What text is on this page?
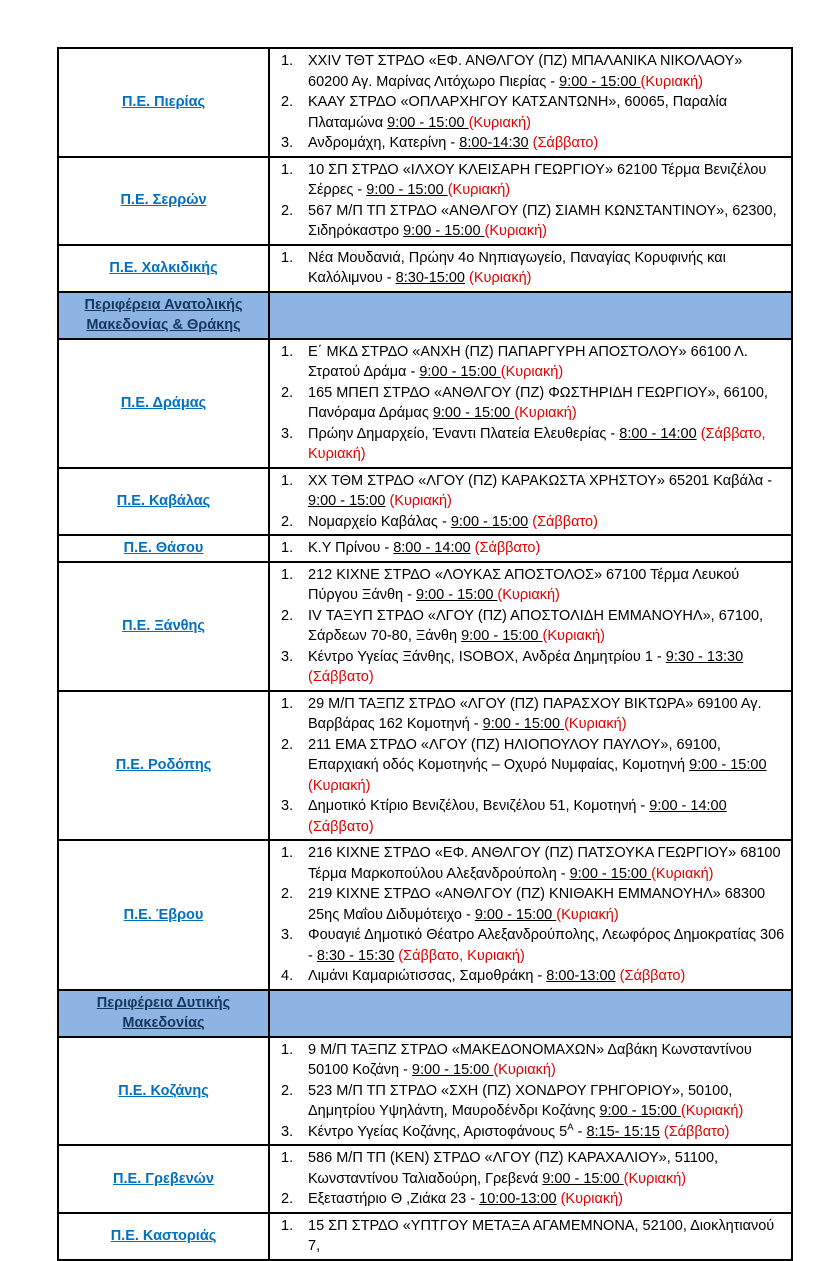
Π.Ε. Πιερίας	
1.	XXIV ΤΘΤ ΣΤΡΔΟ «ΕΦ. ΑΝΘΛΓΟΥ (ΠΖ) ΜΠΑΛΑΝΙΚΑ ΝΙΚΟΛΑΟΥ» 60200 Αγ. Μαρίνας Λιτόχωρο Πιερίας - 9:00 - 15:00 (Κυριακή)
2.	ΚΑΑΥ ΣΤΡΔΟ «ΟΠΛΑΡΧΗΓΟΥ ΚΑΤΣΑΝΤΩΝΗ», 60065, Παραλία Πλαταμώνα 9:00 - 15:00 (Κυριακή)
3.	Ανδρομάχη, Κατερίνη - 8:00-14:30 (Σάββατο)

Π.Ε. Σερρών	1. 10 ΣΠ ΣΤΡΔΟ «ΙΛΧΟΥ ΚΛΕΙΣΑΡΗ ΓΕΩΡΓΙΟΥ» 62100 Τέρμα Βενιζέλου Σέρρες - 9:00 - 15:00 (Κυριακή)
2. 567 Μ/Π ΤΠ ΣΤΡΔΟ «ΑΝΘΛΓΟΥ (ΠΖ) ΣΙΑΜΗ ΚΩΝΣΤΑΝΤΙΝΟΥ», 62300, Σιδηρόκαστρο 9:00 - 15:00 (Κυριακή)

Π.Ε. Χαλκιδικής	1. Νέα Μουδανιά, Πρώην 4ο Νηπιαγωγείο, Παναγίας Κορυφινής και Καλόλιμνου - 8:30-15:00 (Κυριακή)

Περιφέρεια Ανατολικής Μακεδονίας & Θράκης	
Π.Ε. Δράμας	
1.	Ε΄ ΜΚΔ ΣΤΡΔΟ «ΑΝΧΗ (ΠΖ) ΠΑΠΑΡΓΥΡΗ ΑΠΟΣΤΟΛΟΥ» 66100 Λ. Στρατού Δράμα - 9:00 - 15:00 (Κυριακή)
2.	165 ΜΠΕΠ ΣΤΡΔΟ «ΑΝΘΛΓΟΥ (ΠΖ) ΦΩΣΤΗΡΙΔΗ ΓΕΩΡΓΙΟΥ», 66100, Πανόραμα Δράμας 9:00 - 15:00 (Κυριακή)
3.	Πρώην Δημαρχείο, Έναντι Πλατεία Ελευθερίας - 8:00 - 14:00 (Σάββατο, Κυριακή)

Π.Ε. Καβάλας	1. ΧΧ ΤΘΜ ΣΤΡΔΟ «ΛΓΟΥ (ΠΖ) ΚΑΡΑΚΩΣΤΑ ΧΡΗΣΤΟΥ» 65201 Καβάλα - 9:00 - 15:00 (Κυριακή)
2. Νομαρχείο Καβάλας - 9:00 - 15:00 (Σάββατο)

Π.Ε. Θάσου	1. Κ.Υ Πρίνου - 8:00 - 14:00 (Σάββατο)

Π.Ε. Ξάνθης	
1.	212 ΚΙΧΝΕ ΣΤΡΔΟ «ΛΟΥΚΑΣ ΑΠΟΣΤΟΛΟΣ» 67100 Τέρμα Λευκού Πύργου Ξάνθη - 9:00 - 15:00 (Κυριακή)
2.	IV ΤΑΞΥΠ ΣΤΡΔΟ «ΛΓΟΥ (ΠΖ) ΑΠΟΣΤΟΛΙΔΗ ΕΜΜΑΝΟΥΗΛ», 67100, Σάρδεων 70-80, Ξάνθη 9:00 - 15:00 (Κυριακή)
3.	Κέντρο Υγείας Ξάνθης, ISOBOX, Ανδρέα Δημητρίου 1 - 9:30 - 13:30 (Σάββατο)

Π.Ε. Ροδόπης	
1.	29 Μ/Π ΤΑΞΠΖ ΣΤΡΔΟ «ΛΓΟΥ (ΠΖ) ΠΑΡΑΣΧΟΥ ΒΙΚΤΩΡΑ» 69100 Αγ. Βαρβάρας 162 Κομοτηνή - 9:00 - 15:00 (Κυριακή)
2.	211 ΕΜΑ ΣΤΡΔΟ «ΛΓΟΥ (ΠΖ) ΗΛΙΟΠΟΥΛΟΥ ΠΑΥΛΟΥ», 69100, Επαρχιακή οδός Κομοτηνής – Οχυρό Νυμφαίας, Κομοτηνή 9:00 - 15:00 (Κυριακή)
3.	Δημοτικό Κτίριο Βενιζέλου, Βενιζέλου 51, Κομοτηνή - 9:00 - 14:00 (Σάββατο)

Π.Ε. Έβρου	
1.	216 ΚΙΧΝΕ ΣΤΡΔΟ «ΕΦ. ΑΝΘΛΓΟΥ (ΠΖ) ΠΑΤΣΟΥΚΑ ΓΕΩΡΓΙΟΥ» 68100 Τέρμα Μαρκοπούλου Αλεξανδρούπολη - 9:00 - 15:00 (Κυριακή)
2.	219 ΚΙΧΝΕ ΣΤΡΔΟ «ΑΝΘΛΓΟΥ (ΠΖ) ΚΝΙΘΑΚΗ ΕΜΜΑΝΟΥΗΛ» 68300 25ης Μαΐου Διδυμότειχο - 9:00 - 15:00 (Κυριακή)
3.	Φουαγιέ Δημοτικό Θέατρο Αλεξανδρούπολης, Λεωφόρος Δημοκρατίας 306 - 8:30 - 15:30 (Σάββατο, Κυριακή)
4.	Λιμάνι Καμαριώτισσας, Σαμοθράκη - 8:00-13:00 (Σάββατο)

Περιφέρεια Δυτικής Μακεδονίας	
Π.Ε. Κοζάνης	
1.	9 Μ/Π ΤΑΞΠΖ ΣΤΡΔΟ «ΜΑΚΕΔΟΝΟΜΑΧΩΝ» Δαβάκη Κωνσταντίνου 50100 Κοζάνη - 9:00 - 15:00 (Κυριακή)
2.	523 Μ/Π ΤΠ ΣΤΡΔΟ «ΣΧΗ (ΠΖ) ΧΟΝΔΡΟΥ ΓΡΗΓΟΡΙΟΥ», 50100, Δημητρίου Υψηλάντη, Μαυροδένδρι Κοζάνης 9:00 - 15:00 (Κυριακή)
3.	Κέντρο Υγείας Κοζάνης, Αριστοφάνους $5^A$ - 8:15- 15:15 (Σάββατο)

Π.Ε. Γρεβενών	1. 586 Μ/Π ΤΠ (ΚΕΝ) ΣΤΡΔΟ «ΛΓΟΥ (ΠΖ) ΚΑΡΑΧΑΛΙΟΥ», 51100, Κωνσταντίνου Ταλιαδούρη, Γρεβενά 9:00 - 15:00 (Κυριακή)
2. Εξεταστήριο Θ ,Ζιάκα 23 - 10:00-13:00 (Κυριακή)

Π.Ε. Καστοριάς	1. 15 ΣΠ ΣΤΡΔΟ «ΥΠΤΓΟΥ ΜΕΤΑΞΑ ΑΓΑΜΕΜΝΟΝΑ, 52100, Διοκλητιανού 7,
